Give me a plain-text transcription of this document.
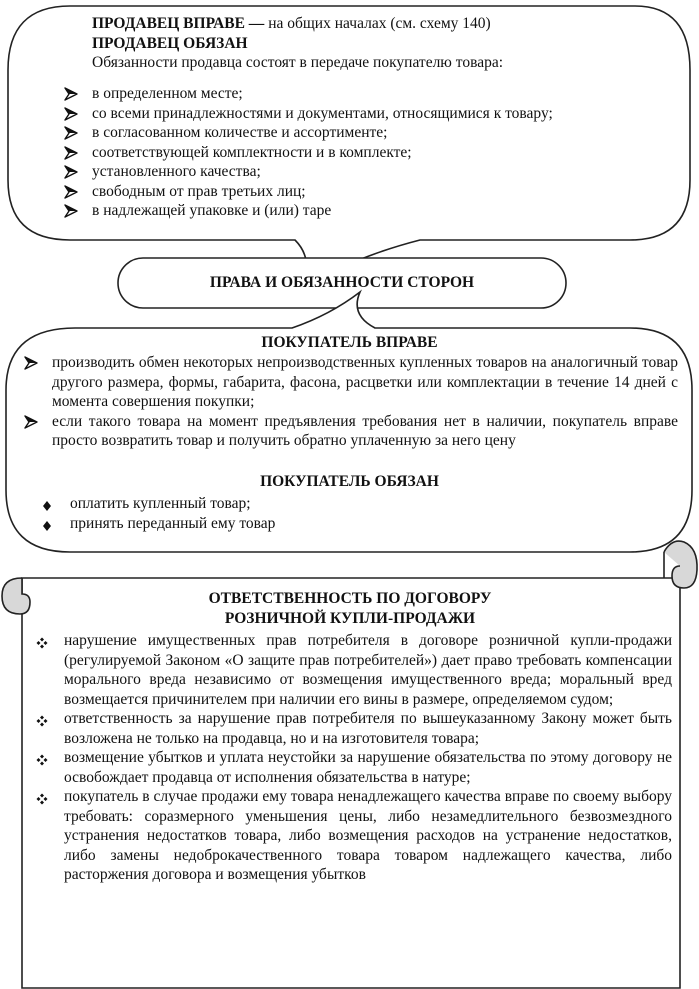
ПРОДАВЕЦ ВПРАВЕ — на общих началах (см. схему 140)
ПРОДАВЕЦ ОБЯЗАН
Обязанности продавца состоят в передаче покупателю товара:
в определенном месте;
со всеми принадлежностями и документами, относящимися к товару;
в согласованном количестве и ассортименте;
соответствующей комплектности и в комплекте;
установленного качества;
свободным от прав третьих лиц;
в надлежащей упаковке и (или) таре
ПРАВА И ОБЯЗАННОСТИ СТОРОН
ПОКУПАТЕЛЬ ВПРАВЕ
производить обмен некоторых непроизводственных купленных товаров на аналогичный товар другого размера, формы, габарита, фасона, расцветки или комплектации в течение 14 дней с момента совершения покупки;
если такого товара на момент предъявления требования нет в наличии, покупатель вправе просто возвратить товар и получить обратно уплаченную за него цену
ПОКУПАТЕЛЬ ОБЯЗАН
оплатить купленный товар;
принять переданный ему товар
ОТВЕТСТВЕННОСТЬ ПО ДОГОВОРУ
РОЗНИЧНОЙ КУПЛИ-ПРОДАЖИ
нарушение имущественных прав потребителя в договоре розничной купли-продажи (регулируемой Законом «О защите прав потребителей») дает право требовать компенсации морального вреда независимо от возмещения имущественного вреда; моральный вред возмещается причинителем при наличии его вины в размере, определяемом судом;
ответственность за нарушение прав потребителя по вышеуказанному Закону может быть возложена не только на продавца, но и на изготовителя товара;
возмещение убытков и уплата неустойки за нарушение обязательства по этому договору не освобождает продавца от исполнения обязательства в натуре;
покупатель в случае продажи ему товара ненадлежащего качества вправе по своему выбору требовать: соразмерного уменьшения цены, либо незамедлительного безвозмездного устранения недостатков товара, либо возмещения расходов на устранение недостатков, либо замены недоброкачественного товара товаром надлежащего качества, либо расторжения договора и возмещения убытков
